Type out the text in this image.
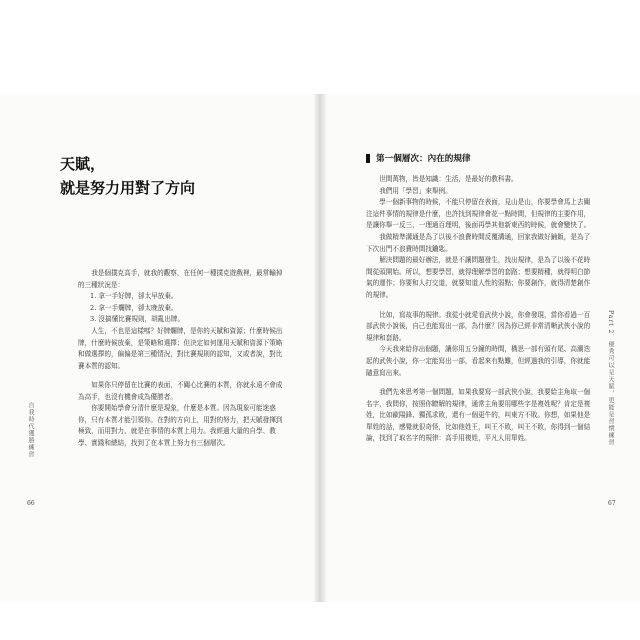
天賦，
就是努力用對了方向

我是個撲克高手，就我的觀察，在任何一種撲克遊戲裡，最常輸掉的三種狀況是：

1. 拿一手好牌，卻太早放棄。

2. 拿一手爛牌，卻太晚放棄。

3. 沒搞懂比賽規則，胡亂出牌。

人生，不也是這樣嗎？好牌爛牌，是你的天賦和資源；什麼時候出牌，什麼時候放棄，是策略和選擇；但決定如何運用天賦和資源下策略和做選擇的，偏偏是第三種情況，對比賽規則的認知，又或者說，對比賽本質的認知。

如果你只停留在比賽的表面，不關心比賽的本質，你就永遠不會成為高手，也沒有機會成為優勝者。

你要開始學會分清什麼是現象，什麼是本質。因為現象可能迷惑你，只有本質才能引領你。在對的方向上，用對的努力，把天賦發揮到極致，而用對力，就是在事情的本質上用力。我經過大量的自學、教學、實踐和總結，找到了在本質上努力有三個層次。

自我時代獲勝練習
66
第一個層次：內在的規律

世間萬物，皆是知識：生活，是最好的教科書。

我們用「學習」來舉例。

學一個新事物的時候，不能只停留在表面，見山是山，你要學會馬上去關注這件事情的規律是什麼，也許找到規律會花一點時間，但規律的主要作用，是讓你舉一反三，一理通百理明，後面再學其他新東西的時候，就會變快了。

我做精準溝通是為了以後不浪費時間反覆溝通，回家我做好鋪飯，是為了下次出門不浪費時間找鑰匙。

解決問題的最好辦法，就是不讓問題發生，找出規律，是為了以後不花時間從頭開始。所以，想要學習，就得理解學習的套路；想要精種，就得明白節氣的運作；你要和人打交道，就要知道人性的弱點；你要創作，就得清楚創作的規律。

比如，寫故事的規律。我從小就愛看武俠小說，你會發現，當你看過一百部武俠小說後，自己也能寫出一部，為什麼？因為你已經非常清晰武俠小說的規律和套路。

今天我來給你出個題，讓你用五分鐘的時間，構思一部有頭有尾、高潮迭起的武俠小說，你一定能寫出一部，看起來有點難，但經過我的引導，你就能隨意寫出來。

我們先來思考第一個問題，如果我要寫一部武俠小說，我要給主角取一個名字，我問你，按照你瞭解的規律，通常主角要用哪些字是複姓呢？肯定是複姓，比如歐陽鋒、獨孤求敗，還有一個更牛的，叫東方不敗。你想，如果他是單姓的話，感覺就很奇怪，比如他姓王，叫王不敗，叫王不敗，你得到一個結論，找到了取名字的規律：高手用複姓，平凡人用單姓。	Part 2．優秀可以是天賦，更能是習慣練習
67
